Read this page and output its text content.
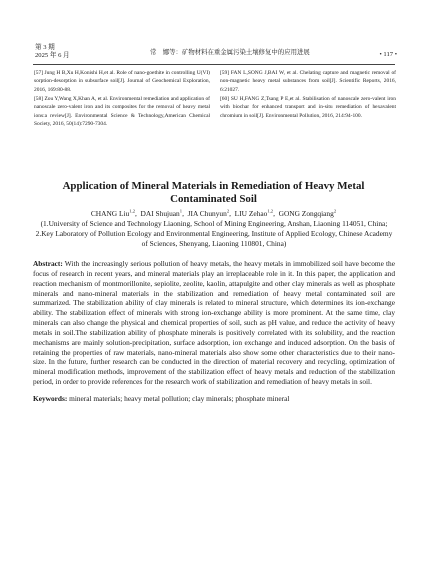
第 3 期
2025 年 6 月	常　娜等：矿物材料在重金属污染土壤修复中的应用进展	• 117 •
[57] Jung H B,Xu H,Konishi H,et al. Role of nano-goethite in controlling U(VI) sorption-desorption in subsurface soil[J]. Journal of Geochemical Exploration, 2016, 169:80-88.
[58] Zou Y,Wang X,Khan A, et al. Environmental remediation and application of nanoscale zero-valent iron and its composites for the removal of heavy metal ions:a review[J]. Environmental Science & Technology,American Chemical Society, 2016, 50(14):7290-7304.
[59] FAN L,SONG J,BAI W, et al. Chelating capture and magnetic removal of non-magnetic heavy metal substances from soil[J]. Scientific Reports, 2016, 6:21027.
[60] SU H,FANG Z,Tsang P E,et al. Stabilisation of nanoscale zero-valent iron with biochar for enhanced transport and in-situ remediation of hexavalent chromium in soil[J]. Environmental Pollution, 2016, 214:94-100.
Application of Mineral Materials in Remediation of Heavy Metal Contaminated Soil
CHANG Liu$^{1,2}$,  DAI Shujuan$^1$,  JIA Chunyun$^2$,  LIU Zehao$^{1,2}$,  GONG Zongqiang$^2$
(1.University of Science and Technology Liaoning, School of Mining Engineering, Anshan, Liaoning 114051, China; 2.Key Laboratory of Pollution Ecology and Environmental Engineering, Institute of Applied Ecology, Chinese Academy of Sciences, Shenyang, Liaoning 110801, China)
Abstract: With the increasingly serious pollution of heavy metals, the heavy metals in immobilized soil have become the focus of research in recent years, and mineral materials play an irreplaceable role in it. In this paper, the application and reaction mechanism of montmorillonite, sepiolite, zeolite, kaolin, attapulgite and other clay minerals as well as phosphate minerals and nano-mineral materials in the stabilization and remediation of heavy metal contaminated soil are summarized. The stabilization ability of clay minerals is related to mineral structure, which determines its ion-exchange ability. The stabilization effect of minerals with strong ion-exchange ability is more prominent. At the same time, clay minerals can also change the physical and chemical properties of soil, such as pH value, and reduce the activity of heavy metals in soil.The stabilization ability of phosphate minerals is positively correlated with its solubility, and the reaction mechanisms are mainly solution-precipitation, surface adsorption, ion exchange and induced adsorption. On the basis of retaining the properties of raw materials, nano-mineral materials also show some other characteristics due to their nano-size. In the future, further research can be conducted in the direction of material recovery and recycling, optimization of mineral modification methods, improvement of the stabilization effect of heavy metals and reduction of the stabilization period, in order to provide references for the research work of stabilization and remediation of heavy metals in soil.
Keywords: mineral materials; heavy metal pollution; clay minerals; phosphate mineral
